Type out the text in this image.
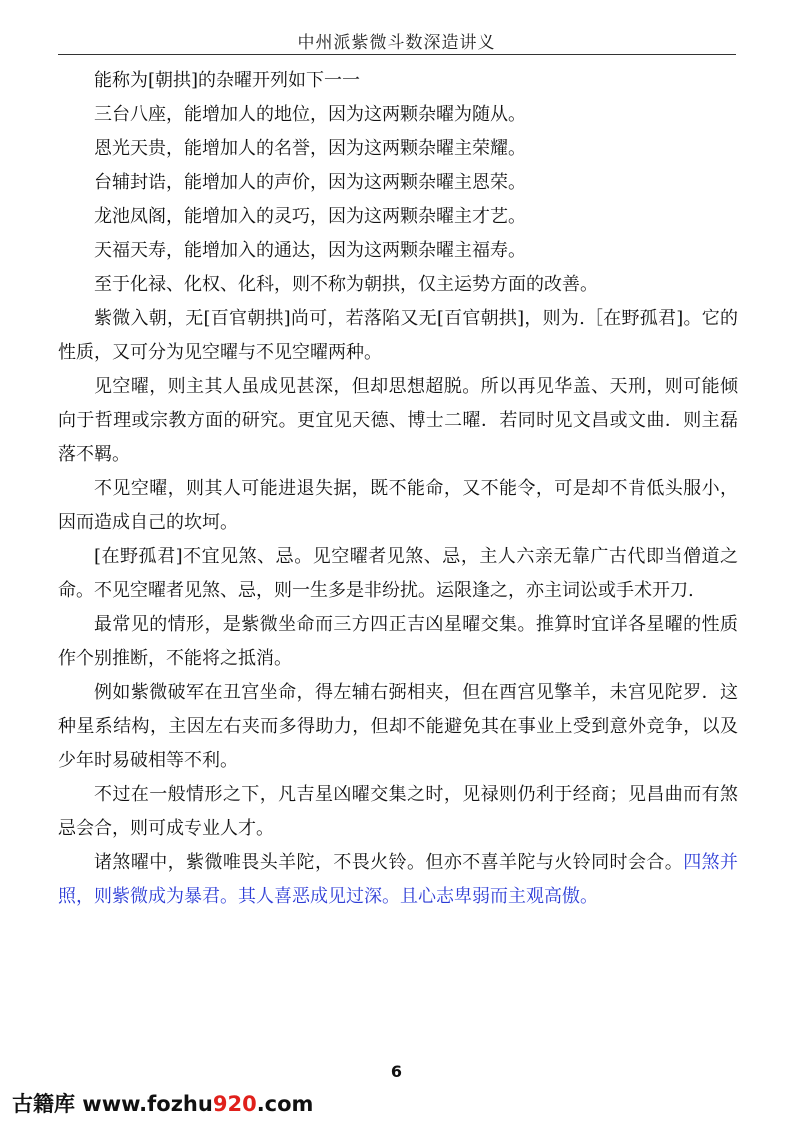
中州派紫微斗数深造讲义

能称为[朝拱]的杂曜开列如下一一

三台八座，能增加人的地位，因为这两颗杂曜为随从。

恩光天贵，能增加人的名誉，因为这两颗杂曜主荣耀。

台辅封诰，能增加人的声价，因为这两颗杂曜主恩荣。

龙池凤阁，能增加入的灵巧，因为这两颗杂曜主才艺。

天福天寿，能增加入的通达，因为这两颗杂曜主福寿。

至于化禄、化权、化科，则不称为朝拱，仅主运势方面的改善。

紫微入朝，无[百官朝拱]尚可，若落陷又无[百官朝拱]，则为.［在野孤君]。它的性质，又可分为见空曜与不见空曜两种。

见空曜，则主其人虽成见甚深，但却思想超脱。所以再见华盖、天刑，则可能倾向于哲理或宗教方面的研究。更宜见天德、博士二曜．若同时见文昌或文曲．则主磊落不羁。

不见空曜，则其人可能进退失据，既不能命，又不能令，可是却不肯低头服小，因而造成自己的坎坷。

[在野孤君]不宜见煞、忌。见空曜者见煞、忌，主人六亲无靠广古代即当僧道之命。不见空曜者见煞、忌，则一生多是非纷扰。运限逢之，亦主词讼或手术开刀.

最常见的情形，是紫微坐命而三方四正吉凶星曜交集。推算时宜详各星曜的性质作个别推断，不能将之抵消。

例如紫微破军在丑宫坐命，得左辅右弼相夹，但在酉宫见擎羊，未宫见陀罗．这种星系结构，主因左右夹而多得助力，但却不能避免其在事业上受到意外竞争，以及少年时易破相等不利。

不过在一般情形之下，凡吉星凶曜交集之时，见禄则仍利于经商；见昌曲而有煞忌会合，则可成专业人才。

诸煞曜中，紫微唯畏头羊陀，不畏火铃。但亦不喜羊陀与火铃同时会合。四煞并照，则紫微成为暴君。其人喜恶成见过深。且心志卑弱而主观高傲。

6
古籍库 www.fozhu920.com
